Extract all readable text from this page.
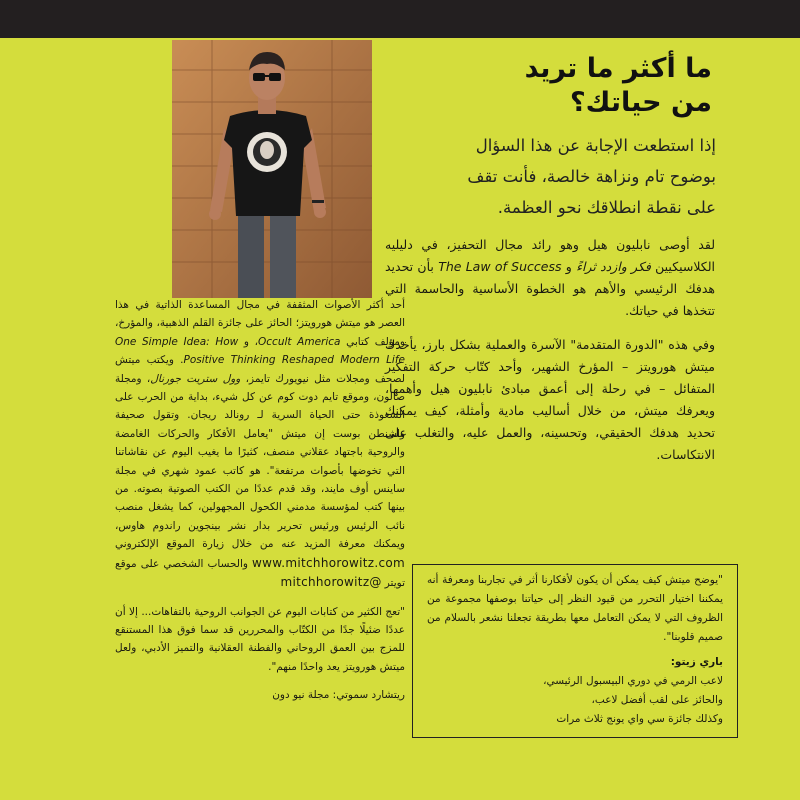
ما أكثر ما تريد
من حياتك؟
إذا استطعت الإجابة عن هذا السؤال
بوضوح تام ونزاهة خالصة، فأنت تقف
على نقطة انطلاقك نحو العظمة.

لقد أوصى نابليون هيل وهو رائد مجال التحفيز، في دليليه الكلاسيكيين فكر وازدد ثراءً و The Law of Success بأن تحديد هدفك الرئيسي والأهم هو الخطوة الأساسية والحاسمة التي تتخذها في حياتك.

وفي هذه "الدورة المتقدمة" الآسرة والعملية بشكل بارز، يأخذك ميتش هورويتز – المؤرخ الشهير، وأحد كتّاب حركة التفكير المتفائل – في رحلة إلى أعمق مبادئ نابليون هيل وأهمها، ويعرفك ميتش، من خلال أساليب مادية وأمثلة، كيف يمكنك تحديد هدفك الحقيقي، وتحسينه، والعمل عليه، والتغلب على الانتكاسات.

أحد أكثر الأصوات المثقفة في مجال المساعدة الذاتية في هذا العصر هو ميتش هورويتز؛ الحائز على جائزة القلم الذهبية، والمؤرخ، ومؤلف كتابي Occult America، و One Simple Idea: How Positive Thinking Reshaped Modern Life. ويكتب ميتش لصحف ومجلات مثل نيويورك تايمز، وول ستريت جورنال، ومجلة صالون، وموقع تايم دوت كوم عن كل شيء، بداية من الحرب على الشعوذة حتى الحياة السرية لـ رونالد ريجان. وتقول صحيفة واشنطن بوست إن ميتش "يعامل الأفكار والحركات الغامضة والروحية باجتهاد عقلاني منصف، كثيرًا ما يغيب اليوم عن نقاشاتنا التي تخوضها بأصوات مرتفعة". هو كاتب عمود شهري في مجلة ساينس أوف مايند، وقد قدم عددًا من الكتب الصوتية بصوته. من بينها كتب لمؤسسة مدمني الكحول المجهولين، كما يشغل منصب نائب الرئيس ورئيس تحرير بدار نشر بينجوين راندوم هاوس، ويمكنك معرفة المزيد عنه من خلال زيارة الموقع الإلكتروني www.mitchhorowitz.com والحساب الشخصي على موقع تويتر @mitchhorowitz

"تعج الكثير من كتابات اليوم عن الجوانب الروحية بالتفاهات... إلا أن عددًا ضئيلًا جدًا من الكتّاب والمحررين قد سما فوق هذا المستنقع للمزج بين العمق الروحاني والفطنة العقلانية والتميز الأدبي، ولعل ميتش هورويتز يعد واحدًا منهم".

ريتشارد سموتي: مجلة نيو دون

"يوضح ميتش كيف يمكن أن يكون لأفكارنا أثر في تجاربنا ومعرفة أنه يمكننا اختيار التحرر من قيود النظر إلى حياتنا بوصفها مجموعة من الظروف التي لا يمكن التعامل معها بطريقة تجعلنا نشعر بالسلام من صميم قلوبنا".

باري زيتو:

لاعب الرمي في دوري البيسبول الرئيسي،

والحائز على لقب أفضل لاعب،

وكذلك جائزة سي واي يونج ثلاث مرات
